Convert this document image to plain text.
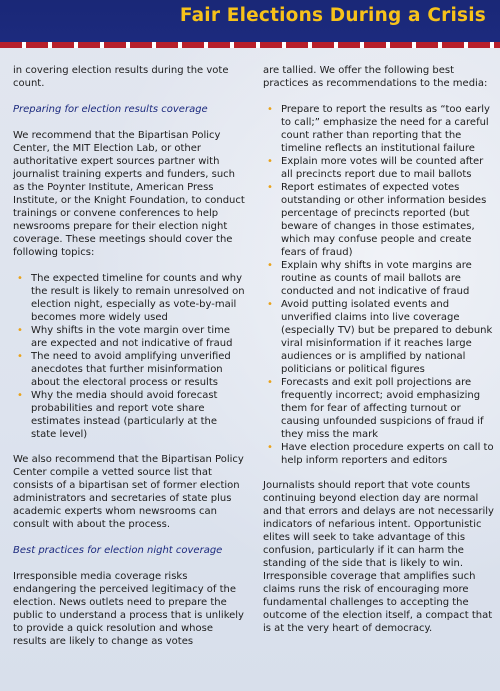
Fair Elections During a Crisis

in covering election results during the vote count.

Preparing for election results coverage

We recommend that the Bipartisan Policy Center, the MIT Election Lab, or other authoritative expert sources partner with journalist training experts and funders, such as the Poynter Institute, American Press Institute, or the Knight Foundation, to conduct trainings or convene conferences to help newsrooms prepare for their election night coverage. These meetings should cover the following topics:

• The expected timeline for counts and why the result is likely to remain unresolved on election night, especially as vote-by-mail becomes more widely used
• Why shifts in the vote margin over time are expected and not indicative of fraud
• The need to avoid amplifying unverified anecdotes that further misinformation about the electoral process or results
• Why the media should avoid forecast probabilities and report vote share estimates instead (particularly at the state level)

We also recommend that the Bipartisan Policy Center compile a vetted source list that consists of a bipartisan set of former election administrators and secretaries of state plus academic experts whom newsrooms can consult with about the process.

Best practices for election night coverage

Irresponsible media coverage risks endangering the perceived legitimacy of the election. News outlets need to prepare the public to understand a process that is unlikely to provide a quick resolution and whose results are likely to change as votes

are tallied. We offer the following best practices as recommendations to the media:

• Prepare to report the results as “too early to call;” emphasize the need for a careful count rather than reporting that the timeline reflects an institutional failure
• Explain more votes will be counted after all precincts report due to mail ballots
• Report estimates of expected votes outstanding or other information besides percentage of precincts reported (but beware of changes in those estimates, which may confuse people and create fears of fraud)
• Explain why shifts in vote margins are routine as counts of mail ballots are conducted and not indicative of fraud
• Avoid putting isolated events and unverified claims into live coverage (especially TV) but be prepared to debunk viral misinformation if it reaches large audiences or is amplified by national politicians or political figures
• Forecasts and exit poll projections are frequently incorrect; avoid emphasizing them for fear of affecting turnout or causing unfounded suspicions of fraud if they miss the mark
• Have election procedure experts on call to help inform reporters and editors

Journalists should report that vote counts continuing beyond election day are normal and that errors and delays are not necessarily indicators of nefarious intent. Opportunistic elites will seek to take advantage of this confusion, particularly if it can harm the standing of the side that is likely to win. Irresponsible coverage that amplifies such claims runs the risk of encouraging more fundamental challenges to accepting the outcome of the election itself, a compact that is at the very heart of democracy.
